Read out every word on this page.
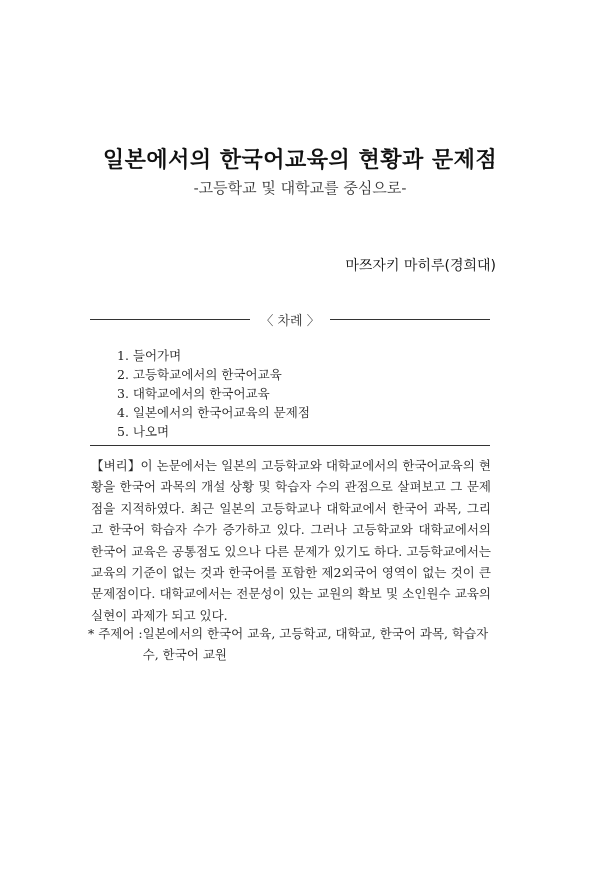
일본에서의 한국어교육의 현황과 문제점
-고등학교 및 대학교를 중심으로-
마쯔자키 마히루(경희대)
〈 차례 〉
1. 들어가며
2. 고등학교에서의 한국어교육
3. 대학교에서의 한국어교육
4. 일본에서의 한국어교육의 문제점
5. 나오며

【벼리】이 논문에서는 일본의 고등학교와 대학교에서의 한국어교육의 현황을 한국어 과목의 개설 상황 및 학습자 수의 관점으로 살펴보고 그 문제점을 지적하였다. 최근 일본의 고등학교나 대학교에서 한국어 과목, 그리고 한국어 학습자 수가 증가하고 있다. 그러나 고등학교와 대학교에서의 한국어 교육은 공통점도 있으나 다른 문제가 있기도 하다. 고등학교에서는 교육의 기준이 없는 것과 한국어를 포함한 제2외국어 영역이 없는 것이 큰 문제점이다. 대학교에서는 전문성이 있는 교원의 확보 및 소인원수 교육의 실현이 과제가 되고 있다.

* 주제어 : 일본에서의 한국어 교육, 고등학교, 대학교, 한국어 과목, 학습자 수, 한국어 교원
